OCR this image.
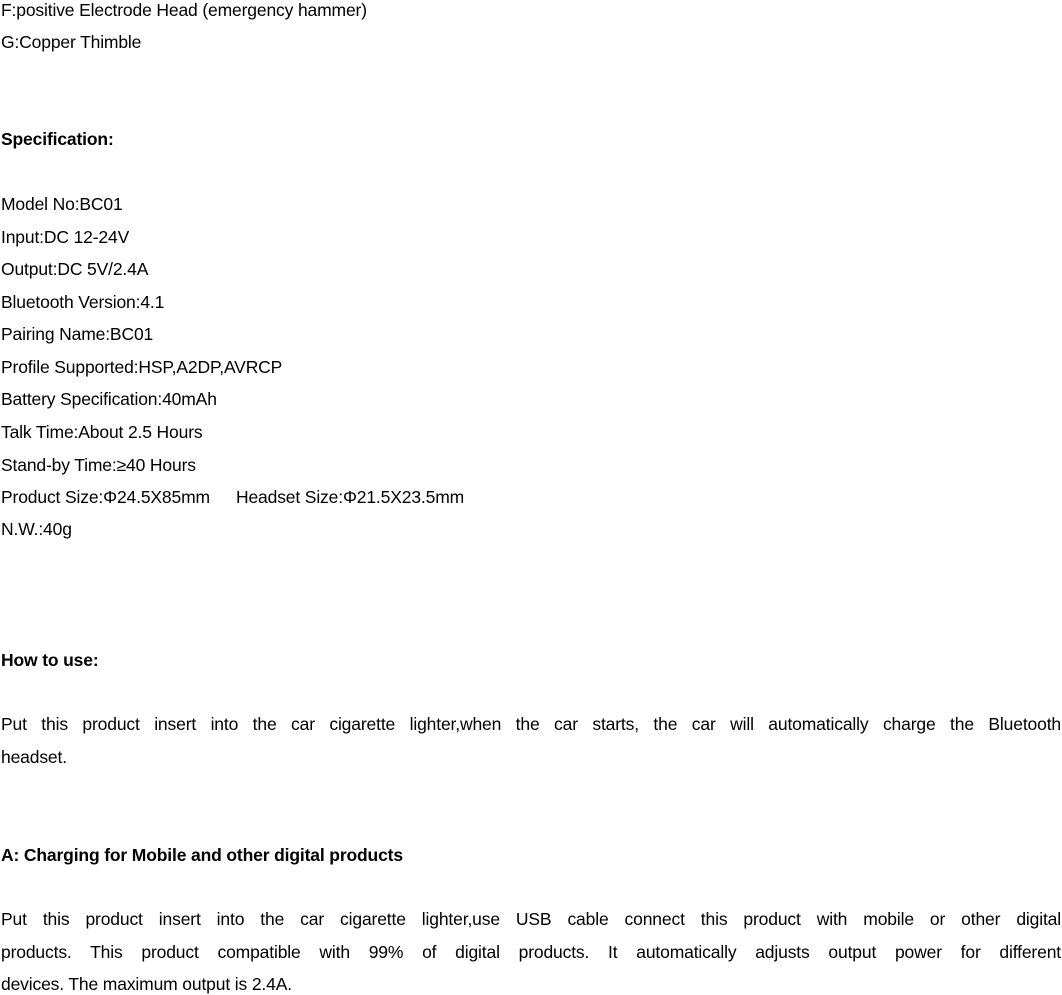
F:positive Electrode Head (emergency hammer)
G:Copper Thimble
Specification:
Model No:BC01
Input:DC 12-24V
Output:DC 5V/2.4A
Bluetooth Version:4.1
Pairing Name:BC01
Profile Supported:HSP,A2DP,AVRCP
Battery Specification:40mAh
Talk Time:About 2.5 Hours
Stand-by Time:≥40 Hours
Product Size:Φ24.5X85mm Headset Size:Φ21.5X23.5mm
N.W.:40g
How to use:
Put this product insert into the car cigarette lighter,when the car starts, the car will automatically charge the Bluetooth
headset.
A: Charging for Mobile and other digital products
Put this product insert into the car cigarette lighter,use USB cable connect this product with mobile or other digital
products. This product compatible with 99% of digital products. It automatically adjusts output power for different
devices. The maximum output is 2.4A.
